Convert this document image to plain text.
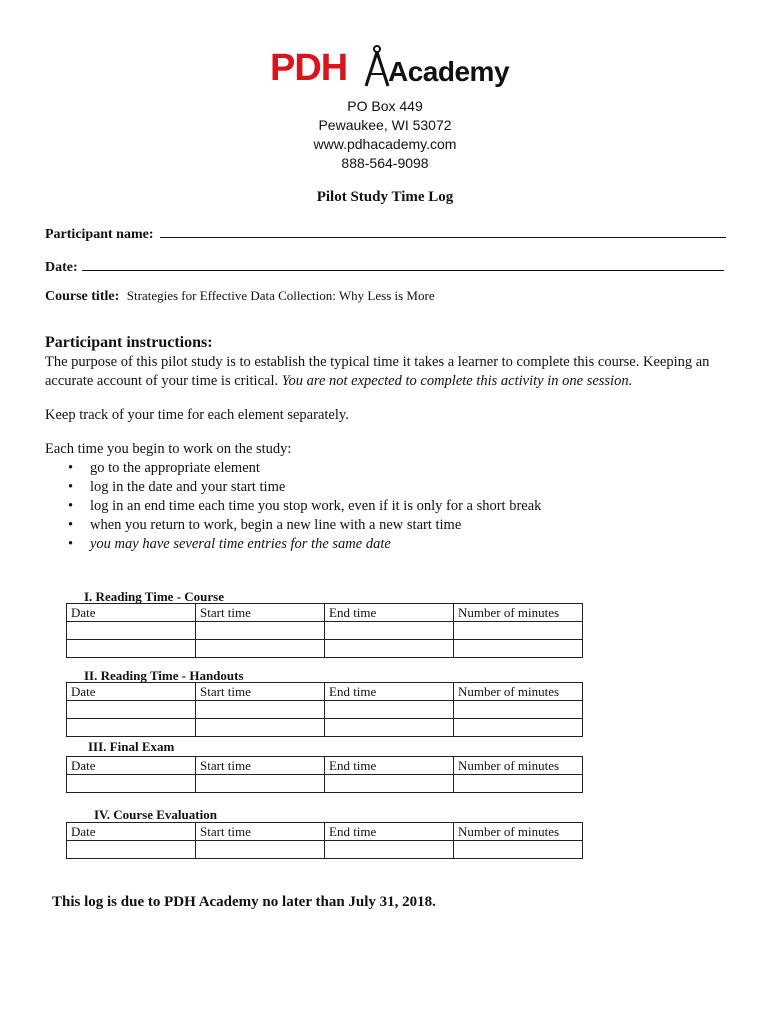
PDH Academy
PO Box 449
Pewaukee, WI 53072
www.pdhacademy.com
888-564-9098
Pilot Study Time Log
Participant name:
Date:
Course title: Strategies for Effective Data Collection: Why Less is More
Participant instructions:
The purpose of this pilot study is to establish the typical time it takes a learner to complete this course. Keeping an accurate account of your time is critical. You are not expected to complete this activity in one session.
Keep track of your time for each element separately.
Each time you begin to work on the study:
• go to the appropriate element
• log in the date and your start time
• log in an end time each time you stop work, even if it is only for a short break
• when you return to work, begin a new line with a new start time
• you may have several time entries for the same date
I. Reading Time - Course
Date	Start time	End time	Number of minutes

II. Reading Time - Handouts
Date	Start time	End time	Number of minutes

III. Final Exam
Date	Start time	End time	Number of minutes

IV. Course Evaluation
Date	Start time	End time	Number of minutes

This log is due to PDH Academy no later than July 31, 2018.
